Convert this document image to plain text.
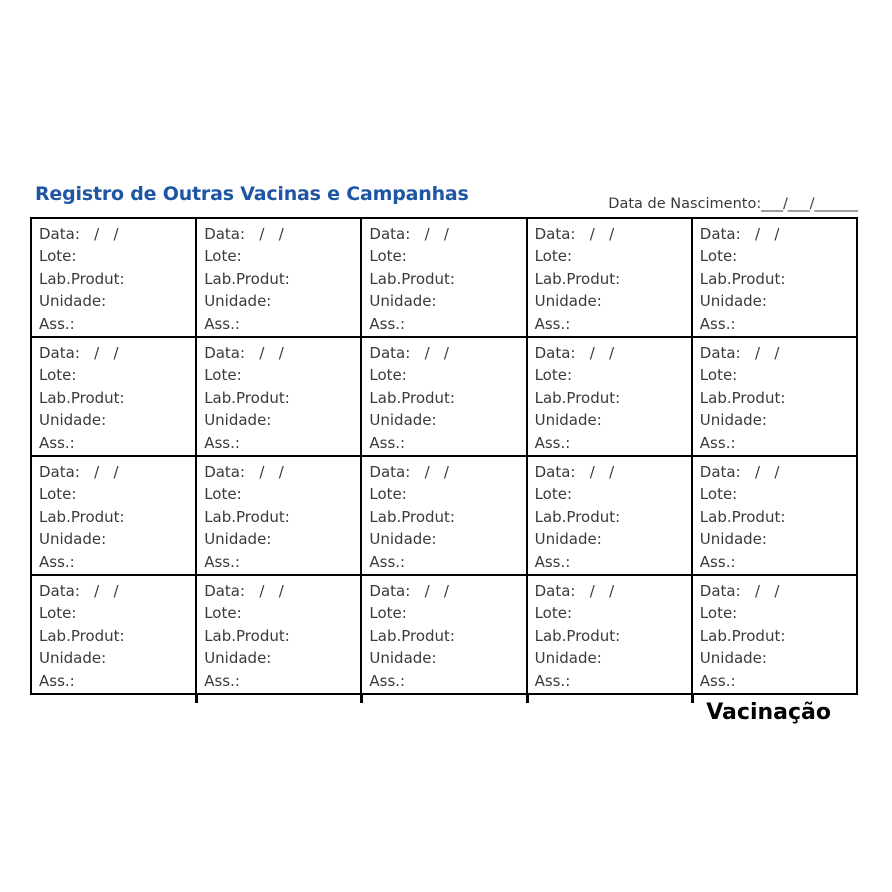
Registro de Outras Vacinas e Campanhas	Data de Nascimento:___/___/______
Data:   /   /
Lote:
Lab.Produt:
Unidade:
Ass.:
Data:   /   /
Lote:
Lab.Produt:
Unidade:
Ass.:
Data:   /   /
Lote:
Lab.Produt:
Unidade:
Ass.:
Data:   /   /
Lote:
Lab.Produt:
Unidade:
Ass.:
Data:   /   /
Lote:
Lab.Produt:
Unidade:
Ass.:
Data:   /   /
Lote:
Lab.Produt:
Unidade:
Ass.:
Data:   /   /
Lote:
Lab.Produt:
Unidade:
Ass.:
Data:   /   /
Lote:
Lab.Produt:
Unidade:
Ass.:
Data:   /   /
Lote:
Lab.Produt:
Unidade:
Ass.:
Data:   /   /
Lote:
Lab.Produt:
Unidade:
Ass.:
Data:   /   /
Lote:
Lab.Produt:
Unidade:
Ass.:
Data:   /   /
Lote:
Lab.Produt:
Unidade:
Ass.:
Data:   /   /
Lote:
Lab.Produt:
Unidade:
Ass.:
Data:   /   /
Lote:
Lab.Produt:
Unidade:
Ass.:
Data:   /   /
Lote:
Lab.Produt:
Unidade:
Ass.:
Data:   /   /
Lote:
Lab.Produt:
Unidade:
Ass.:
Data:   /   /
Lote:
Lab.Produt:
Unidade:
Ass.:
Data:   /   /
Lote:
Lab.Produt:
Unidade:
Ass.:
Data:   /   /
Lote:
Lab.Produt:
Unidade:
Ass.:
Data:   /   /
Lote:
Lab.Produt:
Unidade:
Ass.:
Vacinação
